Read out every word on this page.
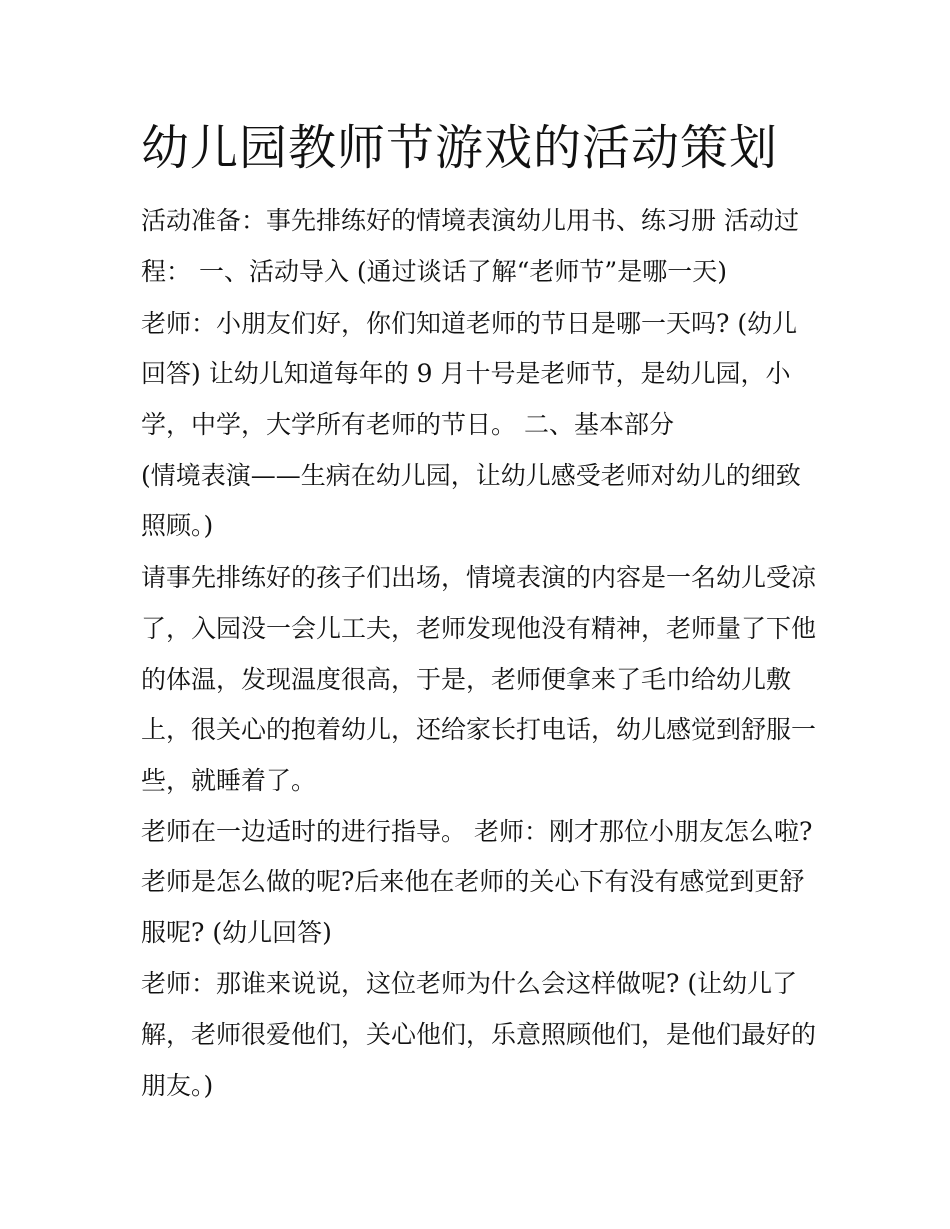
幼儿园教师节游戏的活动策划

活动准备：事先排练好的情境表演幼儿用书、练习册 活动过

程： 一、活动导入 (通过谈话了解“老师节”是哪一天)

老师：小朋友们好，你们知道老师的节日是哪一天吗? (幼儿

回答) 让幼儿知道每年的 9 月十号是老师节，是幼儿园，小

学，中学，大学所有老师的节日。 二、基本部分

(情境表演——生病在幼儿园，让幼儿感受老师对幼儿的细致

照顾。)

请事先排练好的孩子们出场，情境表演的内容是一名幼儿受凉

了，入园没一会儿工夫，老师发现他没有精神，老师量了下他

的体温，发现温度很高，于是，老师便拿来了毛巾给幼儿敷

上，很关心的抱着幼儿，还给家长打电话，幼儿感觉到舒服一

些，就睡着了。

老师在一边适时的进行指导。 老师：刚才那位小朋友怎么啦?

老师是怎么做的呢?后来他在老师的关心下有没有感觉到更舒

服呢? (幼儿回答)

老师：那谁来说说，这位老师为什么会这样做呢? (让幼儿了

解，老师很爱他们，关心他们，乐意照顾他们，是他们最好的

朋友。)
